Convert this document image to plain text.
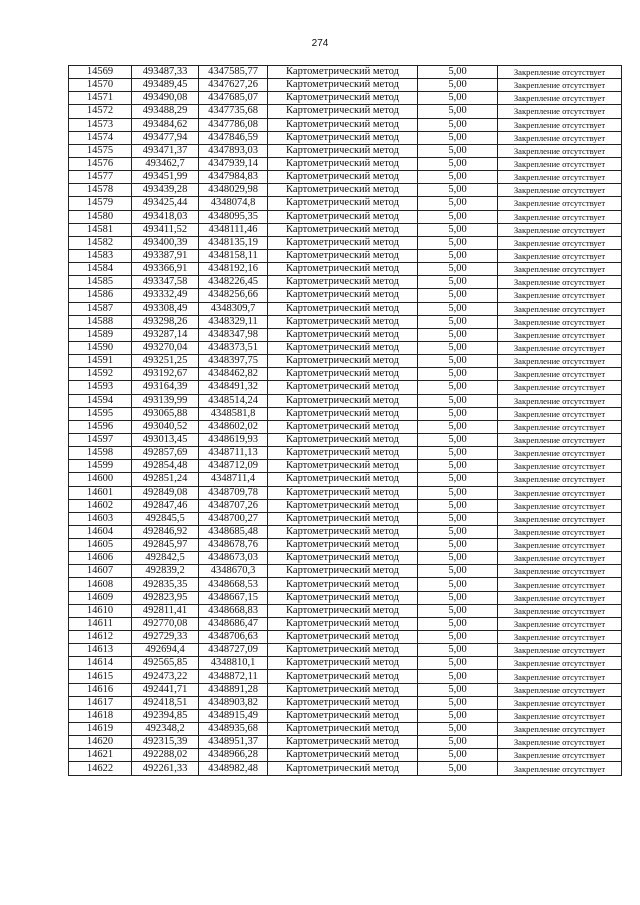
274
14569	493487,33	4347585,77	Картометрический метод	5,00	Закрепление отсутствует
14570	493489,45	4347627,26	Картометрический метод	5,00	Закрепление отсутствует
14571	493490,08	4347685,07	Картометрический метод	5,00	Закрепление отсутствует
14572	493488,29	4347735,68	Картометрический метод	5,00	Закрепление отсутствует
14573	493484,62	4347786,08	Картометрический метод	5,00	Закрепление отсутствует
14574	493477,94	4347846,59	Картометрический метод	5,00	Закрепление отсутствует
14575	493471,37	4347893,03	Картометрический метод	5,00	Закрепление отсутствует
14576	493462,7	4347939,14	Картометрический метод	5,00	Закрепление отсутствует
14577	493451,99	4347984,83	Картометрический метод	5,00	Закрепление отсутствует
14578	493439,28	4348029,98	Картометрический метод	5,00	Закрепление отсутствует
14579	493425,44	4348074,8	Картометрический метод	5,00	Закрепление отсутствует
14580	493418,03	4348095,35	Картометрический метод	5,00	Закрепление отсутствует
14581	493411,52	4348111,46	Картометрический метод	5,00	Закрепление отсутствует
14582	493400,39	4348135,19	Картометрический метод	5,00	Закрепление отсутствует
14583	493387,91	4348158,11	Картометрический метод	5,00	Закрепление отсутствует
14584	493366,91	4348192,16	Картометрический метод	5,00	Закрепление отсутствует
14585	493347,58	4348226,45	Картометрический метод	5,00	Закрепление отсутствует
14586	493332,49	4348256,66	Картометрический метод	5,00	Закрепление отсутствует
14587	493308,49	4348309,7	Картометрический метод	5,00	Закрепление отсутствует
14588	493298,26	4348329,11	Картометрический метод	5,00	Закрепление отсутствует
14589	493287,14	4348347,98	Картометрический метод	5,00	Закрепление отсутствует
14590	493270,04	4348373,51	Картометрический метод	5,00	Закрепление отсутствует
14591	493251,25	4348397,75	Картометрический метод	5,00	Закрепление отсутствует
14592	493192,67	4348462,82	Картометрический метод	5,00	Закрепление отсутствует
14593	493164,39	4348491,32	Картометрический метод	5,00	Закрепление отсутствует
14594	493139,99	4348514,24	Картометрический метод	5,00	Закрепление отсутствует
14595	493065,88	4348581,8	Картометрический метод	5,00	Закрепление отсутствует
14596	493040,52	4348602,02	Картометрический метод	5,00	Закрепление отсутствует
14597	493013,45	4348619,93	Картометрический метод	5,00	Закрепление отсутствует
14598	492857,69	4348711,13	Картометрический метод	5,00	Закрепление отсутствует
14599	492854,48	4348712,09	Картометрический метод	5,00	Закрепление отсутствует
14600	492851,24	4348711,4	Картометрический метод	5,00	Закрепление отсутствует
14601	492849,08	4348709,78	Картометрический метод	5,00	Закрепление отсутствует
14602	492847,46	4348707,26	Картометрический метод	5,00	Закрепление отсутствует
14603	492845,5	4348700,27	Картометрический метод	5,00	Закрепление отсутствует
14604	492846,92	4348685,48	Картометрический метод	5,00	Закрепление отсутствует
14605	492845,97	4348678,76	Картометрический метод	5,00	Закрепление отсутствует
14606	492842,5	4348673,03	Картометрический метод	5,00	Закрепление отсутствует
14607	492839,2	4348670,3	Картометрический метод	5,00	Закрепление отсутствует
14608	492835,35	4348668,53	Картометрический метод	5,00	Закрепление отсутствует
14609	492823,95	4348667,15	Картометрический метод	5,00	Закрепление отсутствует
14610	492811,41	4348668,83	Картометрический метод	5,00	Закрепление отсутствует
14611	492770,08	4348686,47	Картометрический метод	5,00	Закрепление отсутствует
14612	492729,33	4348706,63	Картометрический метод	5,00	Закрепление отсутствует
14613	492694,4	4348727,09	Картометрический метод	5,00	Закрепление отсутствует
14614	492565,85	4348810,1	Картометрический метод	5,00	Закрепление отсутствует
14615	492473,22	4348872,11	Картометрический метод	5,00	Закрепление отсутствует
14616	492441,71	4348891,28	Картометрический метод	5,00	Закрепление отсутствует
14617	492418,51	4348903,82	Картометрический метод	5,00	Закрепление отсутствует
14618	492394,85	4348915,49	Картометрический метод	5,00	Закрепление отсутствует
14619	492348,2	4348935,68	Картометрический метод	5,00	Закрепление отсутствует
14620	492315,39	4348951,37	Картометрический метод	5,00	Закрепление отсутствует
14621	492288,02	4348966,28	Картометрический метод	5,00	Закрепление отсутствует
14622	492261,33	4348982,48	Картометрический метод	5,00	Закрепление отсутствует
